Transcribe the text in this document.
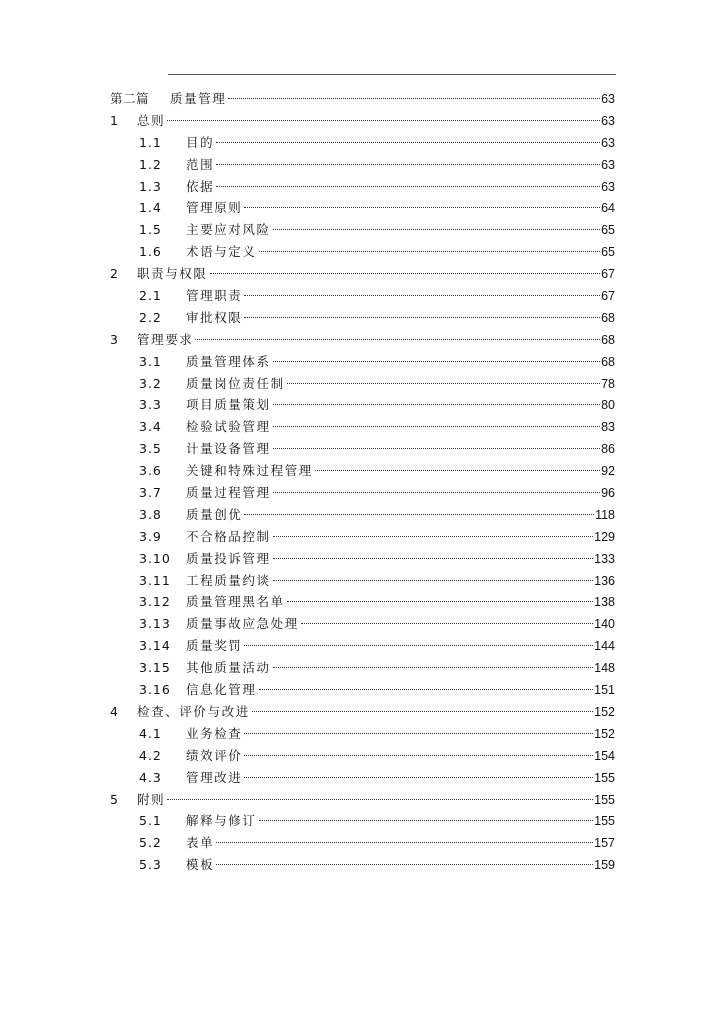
第二篇	质量管理	63
1	总则	63
1.1	目的	63
1.2	范围	63
1.3	依据	63
1.4	管理原则	64
1.5	主要应对风险	65
1.6	术语与定义	65
2	职责与权限	67
2.1	管理职责	67
2.2	审批权限	68
3	管理要求	68
3.1	质量管理体系	68
3.2	质量岗位责任制	78
3.3	项目质量策划	80
3.4	检验试验管理	83
3.5	计量设备管理	86
3.6	关键和特殊过程管理	92
3.7	质量过程管理	96
3.8	质量创优	118
3.9	不合格品控制	129
3.10	质量投诉管理	133
3.11	工程质量约谈	136
3.12	质量管理黑名单	138
3.13	质量事故应急处理	140
3.14	质量奖罚	144
3.15	其他质量活动	148
3.16	信息化管理	151
4	检查、评价与改进	152
4.1	业务检查	152
4.2	绩效评价	154
4.3	管理改进	155
5	附则	155
5.1	解释与修订	155
5.2	表单	157
5.3	模板	159
